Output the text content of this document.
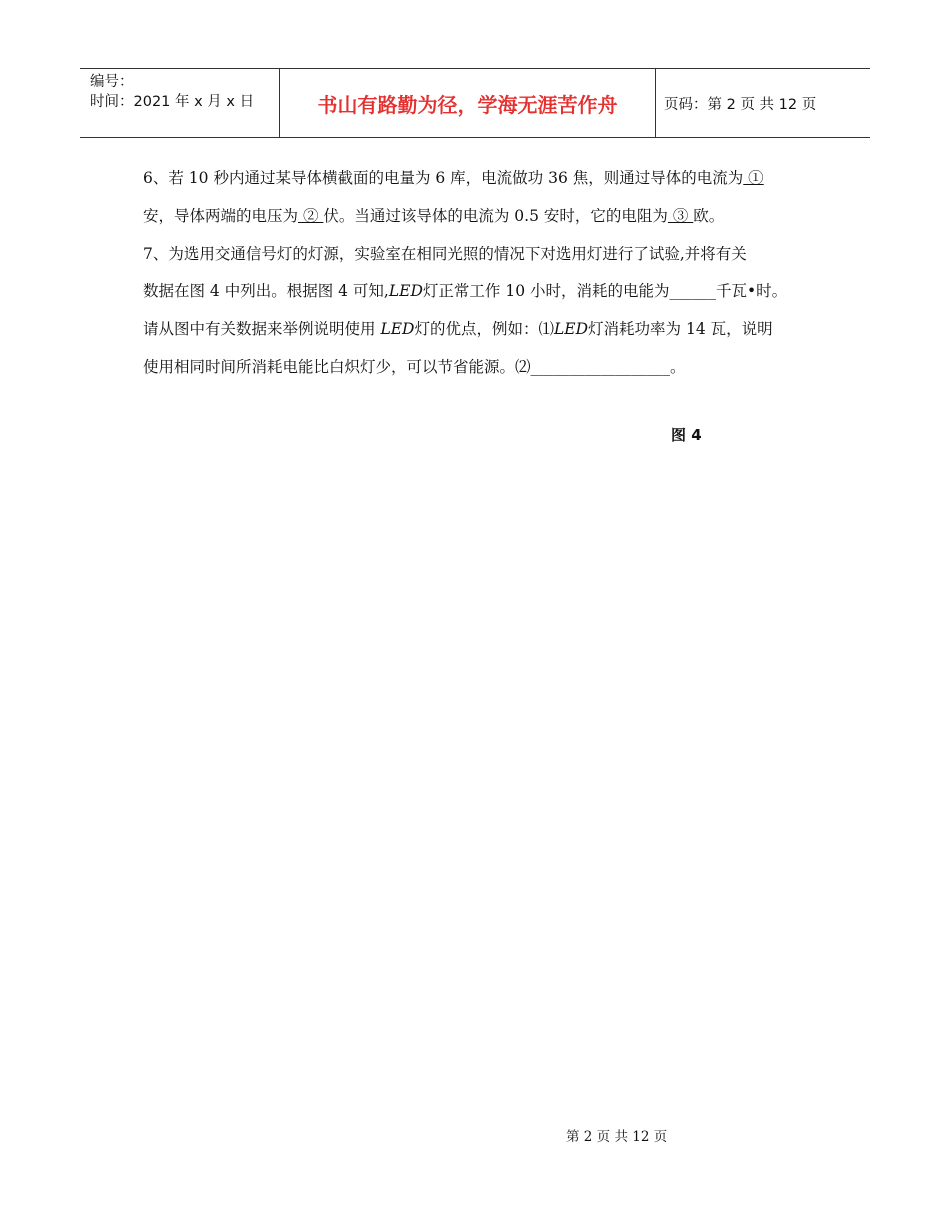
编号：
时间：2021 年 x 月 x 日	书山有路勤为径，学海无涯苦作舟	页码：第 2 页 共 12 页
6、若 10 秒内通过某导体横截面的电量为 6 库，电流做功 36 焦，则通过导体的电流为 ①
安，导体两端的电压为 ② 伏。当通过该导体的电流为 0.5 安时，它的电阻为 ③ 欧。
7、为选用交通信号灯的灯源，实验室在相同光照的情况下对选用灯进行了试验,并将有关
数据在图 4 中列出。根据图 4 可知,LED灯正常工作 10 小时，消耗的电能为______千瓦•时。
请从图中有关数据来举例说明使用 LED灯的优点，例如：⑴LED灯消耗功率为 14 瓦，说明
使用相同时间所消耗电能比白炽灯少，可以节省能源。⑵__________________。
图 4
第 2 页 共 12 页
